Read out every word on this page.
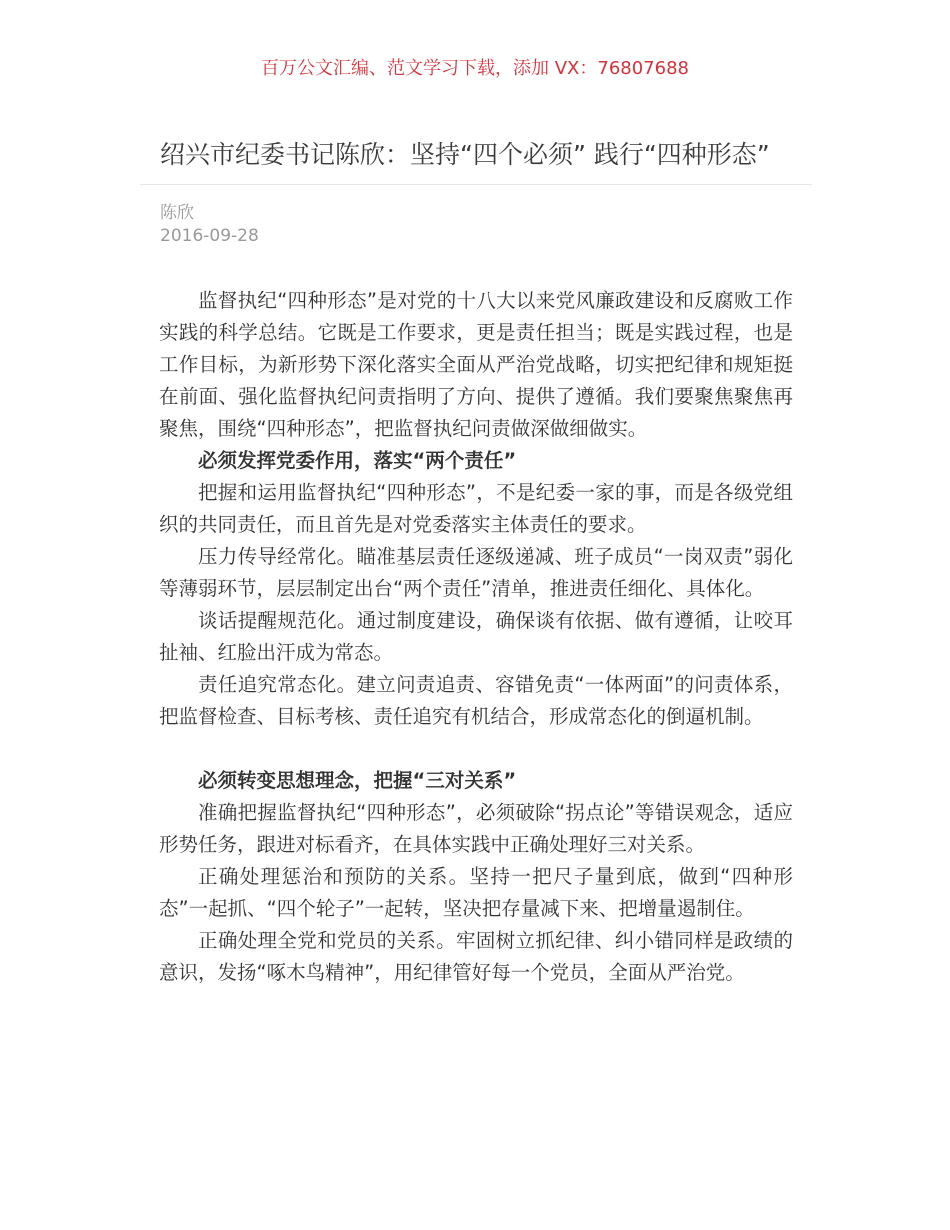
百万公文汇编、范文学习下载，添加 VX：76807688
绍兴市纪委书记陈欣：坚持“四个必须” 践行“四种形态”
陈欣
2016-09-28

监督执纪“四种形态”是对党的十八大以来党风廉政建设和反腐败工作实践的科学总结。它既是工作要求，更是责任担当；既是实践过程，也是工作目标，为新形势下深化落实全面从严治党战略，切实把纪律和规矩挺在前面、强化监督执纪问责指明了方向、提供了遵循。我们要聚焦聚焦再聚焦，围绕“四种形态”，把监督执纪问责做深做细做实。

必须发挥党委作用，落实“两个责任”

把握和运用监督执纪“四种形态”，不是纪委一家的事，而是各级党组织的共同责任，而且首先是对党委落实主体责任的要求。

压力传导经常化。瞄准基层责任逐级递减、班子成员“一岗双责”弱化等薄弱环节，层层制定出台“两个责任”清单，推进责任细化、具体化。

谈话提醒规范化。通过制度建设，确保谈有依据、做有遵循，让咬耳扯袖、红脸出汗成为常态。

责任追究常态化。建立问责追责、容错免责“一体两面”的问责体系，把监督检查、目标考核、责任追究有机结合，形成常态化的倒逼机制。

必须转变思想理念，把握“三对关系”

准确把握监督执纪“四种形态”，必须破除“拐点论”等错误观念，适应形势任务，跟进对标看齐，在具体实践中正确处理好三对关系。

正确处理惩治和预防的关系。坚持一把尺子量到底，做到“四种形态”一起抓、“四个轮子”一起转，坚决把存量减下来、把增量遏制住。

正确处理全党和党员的关系。牢固树立抓纪律、纠小错同样是政绩的意识，发扬“啄木鸟精神”，用纪律管好每一个党员，全面从严治党。
